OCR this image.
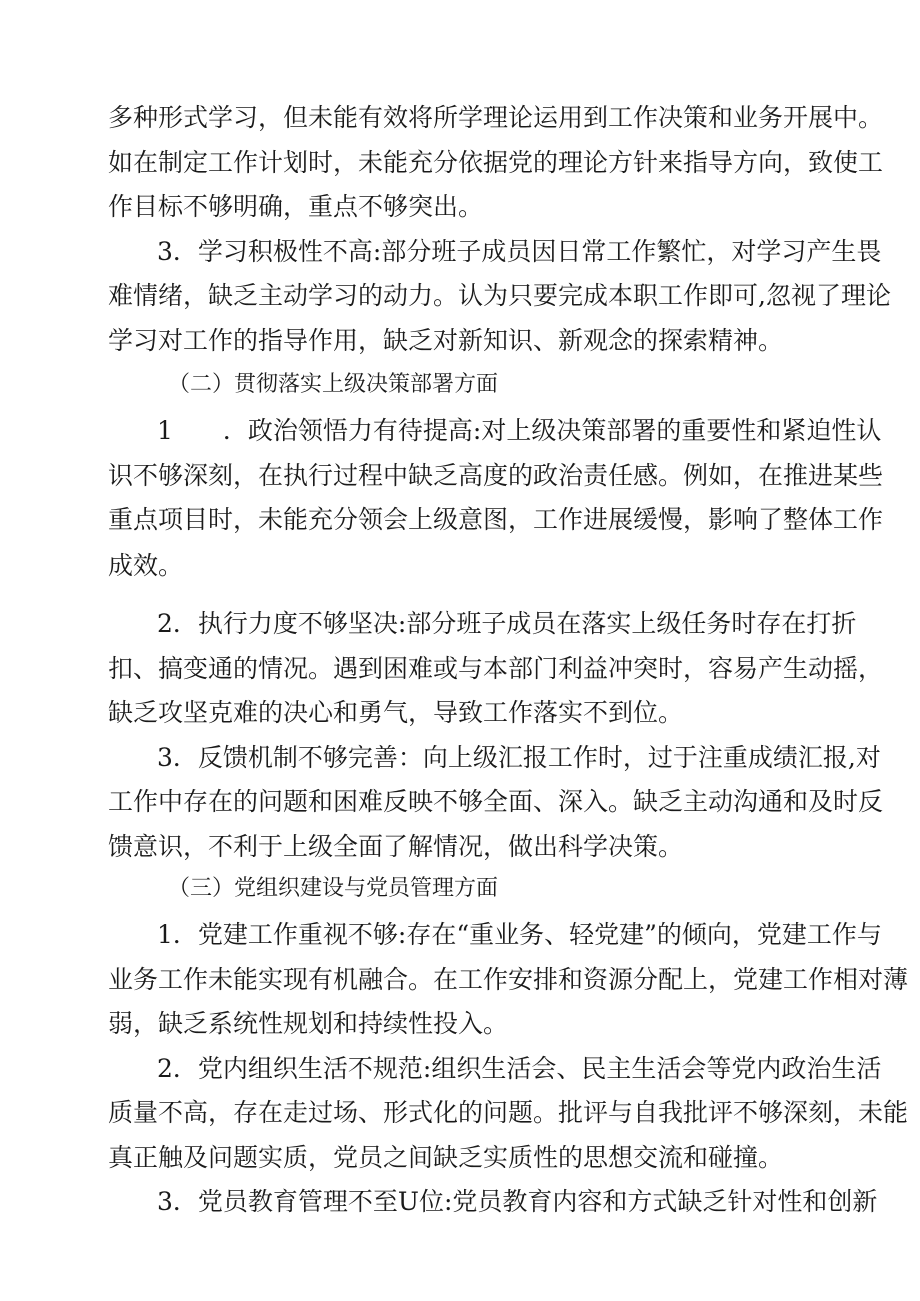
多种形式学习，但未能有效将所学理论运用到工作决策和业务开展中。
如在制定工作计划时，未能充分依据党的理论方针来指导方向，致使工
作目标不够明确，重点不够突出。
3．学习积极性不高:部分班子成员因日常工作繁忙，对学习产生畏
难情绪，缺乏主动学习的动力。认为只要完成本职工作即可,忽视了理论
学习对工作的指导作用，缺乏对新知识、新观念的探索精神。
（二）贯彻落实上级决策部署方面
1　　．政治领悟力有待提高:对上级决策部署的重要性和紧迫性认
识不够深刻，在执行过程中缺乏高度的政治责任感。例如，在推进某些
重点项目时，未能充分领会上级意图，工作进展缓慢，影响了整体工作
成效。
2．执行力度不够坚决:部分班子成员在落实上级任务时存在打折
扣、搞变通的情况。遇到困难或与本部门利益冲突时，容易产生动摇，
缺乏攻坚克难的决心和勇气，导致工作落实不到位。
3．反馈机制不够完善：向上级汇报工作时，过于注重成绩汇报,对
工作中存在的问题和困难反映不够全面、深入。缺乏主动沟通和及时反
馈意识，不利于上级全面了解情况，做出科学决策。
（三）党组织建设与党员管理方面
1．党建工作重视不够:存在“重业务、轻党建”的倾向，党建工作与
业务工作未能实现有机融合。在工作安排和资源分配上，党建工作相对薄
弱，缺乏系统性规划和持续性投入。
2．党内组织生活不规范:组织生活会、民主生活会等党内政治生活
质量不高，存在走过场、形式化的问题。批评与自我批评不够深刻，未能
真正触及问题实质，党员之间缺乏实质性的思想交流和碰撞。
3．党员教育管理不至U位:党员教育内容和方式缺乏针对性和创新
